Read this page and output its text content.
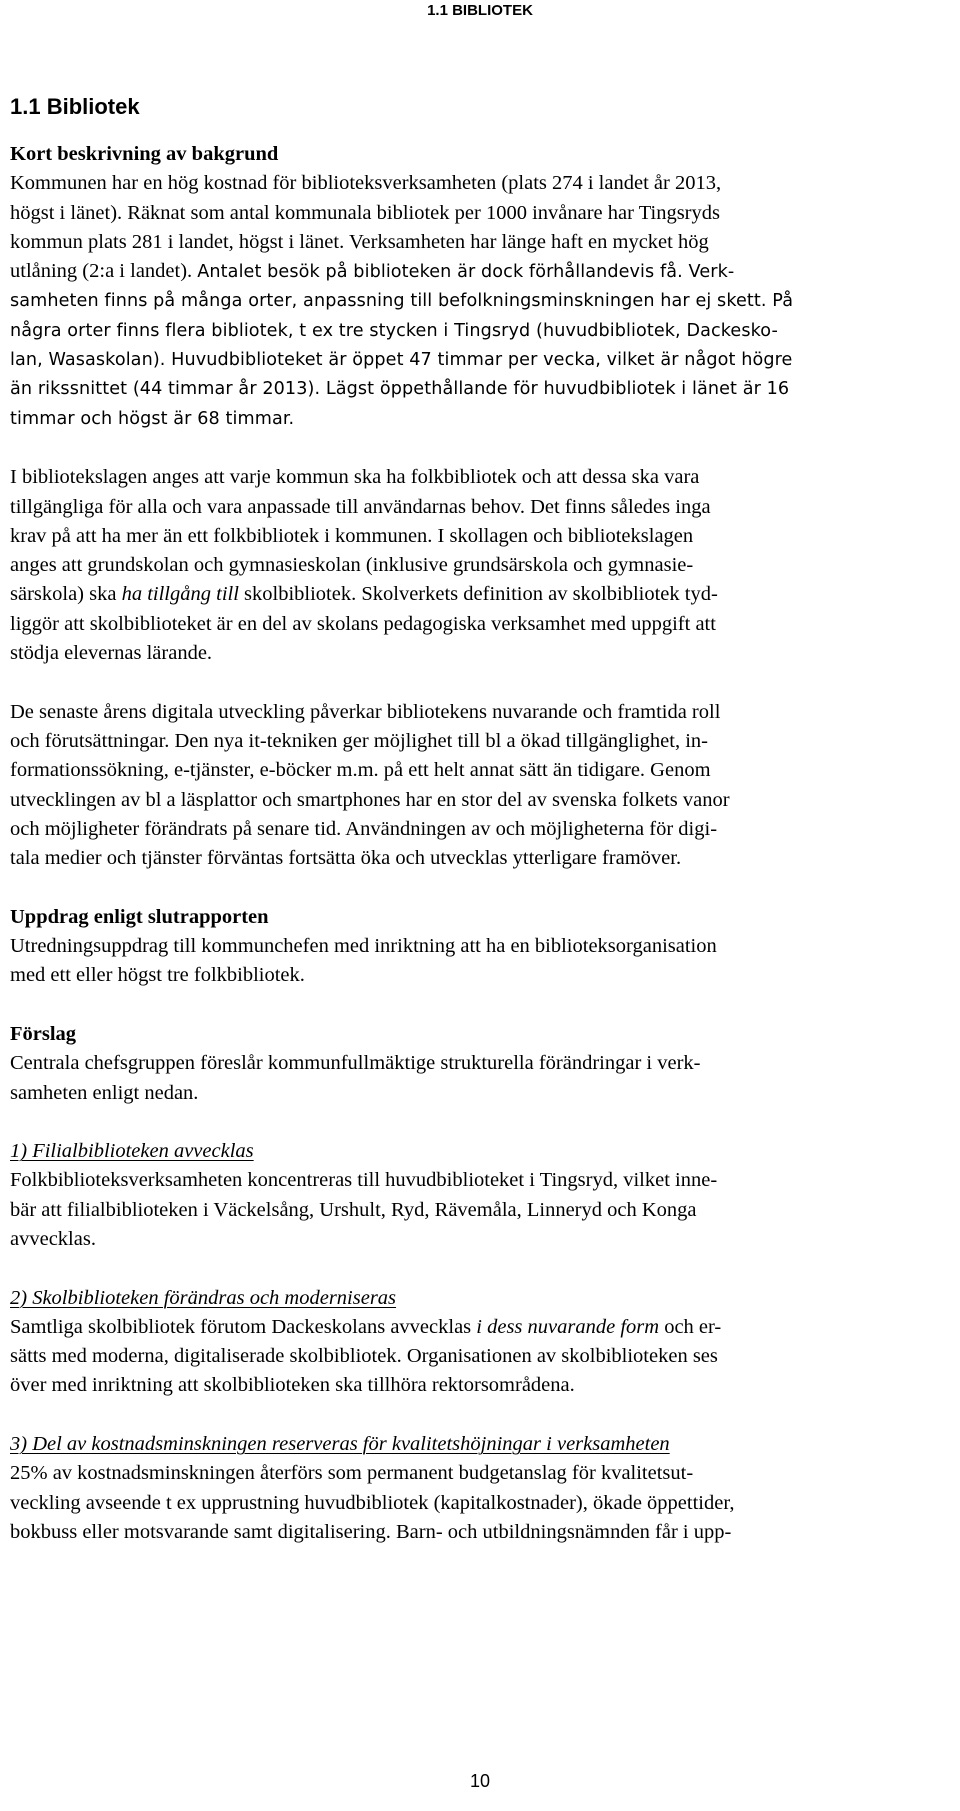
1.1 BIBLIOTEK
1.1 Bibliotek

Kort beskrivning av bakgrund
Kommunen har en hög kostnad för biblioteksverksamheten (plats 274 i landet år 2013,
högst i länet). Räknat som antal kommunala bibliotek per 1000 invånare har Tingsryds
kommun plats 281 i landet, högst i länet. Verksamheten har länge haft en mycket hög
utlåning (2:a i landet). Antalet besök på biblioteken är dock förhållandevis få. Verk-
samheten finns på många orter, anpassning till befolkningsminskningen har ej skett. På
några orter finns flera bibliotek, t ex tre stycken i Tingsryd (huvudbibliotek, Dackesko-
lan, Wasaskolan). Huvudbiblioteket är öppet 47 timmar per vecka, vilket är något högre
än rikssnittet (44 timmar år 2013). Lägst öppethållande för huvudbibliotek i länet är 16
timmar och högst är 68 timmar.

I bibliotekslagen anges att varje kommun ska ha folkbibliotek och att dessa ska vara
tillgängliga för alla och vara anpassade till användarnas behov. Det finns således inga
krav på att ha mer än ett folkbibliotek i kommunen. I skollagen och bibliotekslagen
anges att grundskolan och gymnasieskolan (inklusive grundsärskola och gymnasie-
särskola) ska ha tillgång till skolbibliotek. Skolverkets definition av skolbibliotek tyd-
liggör att skolbiblioteket är en del av skolans pedagogiska verksamhet med uppgift att
stödja elevernas lärande.

De senaste årens digitala utveckling påverkar bibliotekens nuvarande och framtida roll
och förutsättningar. Den nya it-tekniken ger möjlighet till bl a ökad tillgänglighet, in-
formationssökning, e-tjänster, e-böcker m.m. på ett helt annat sätt än tidigare. Genom
utvecklingen av bl a läsplattor och smartphones har en stor del av svenska folkets vanor
och möjligheter förändrats på senare tid. Användningen av och möjligheterna för digi-
tala medier och tjänster förväntas fortsätta öka och utvecklas ytterligare framöver.

Uppdrag enligt slutrapporten
Utredningsuppdrag till kommunchefen med inriktning att ha en biblioteksorganisation
med ett eller högst tre folkbibliotek.

Förslag
Centrala chefsgruppen föreslår kommunfullmäktige strukturella förändringar i verk-
samheten enligt nedan.

1) Filialbiblioteken avvecklas
Folkbiblioteksverksamheten koncentreras till huvudbiblioteket i Tingsryd, vilket inne-
bär att filialbiblioteken i Väckelsång, Urshult, Ryd, Rävemåla, Linneryd och Konga
avvecklas.

2) Skolbiblioteken förändras och moderniseras
Samtliga skolbibliotek förutom Dackeskolans avvecklas i dess nuvarande form och er-
sätts med moderna, digitaliserade skolbibliotek. Organisationen av skolbiblioteken ses
över med inriktning att skolbiblioteken ska tillhöra rektorsområdena.

3) Del av kostnadsminskningen reserveras för kvalitetshöjningar i verksamheten
25% av kostnadsminskningen återförs som permanent budgetanslag för kvalitetsut-
veckling avseende t ex upprustning huvudbibliotek (kapitalkostnader), ökade öppettider,
bokbuss eller motsvarande samt digitalisering. Barn- och utbildningsnämnden får i upp-

10
